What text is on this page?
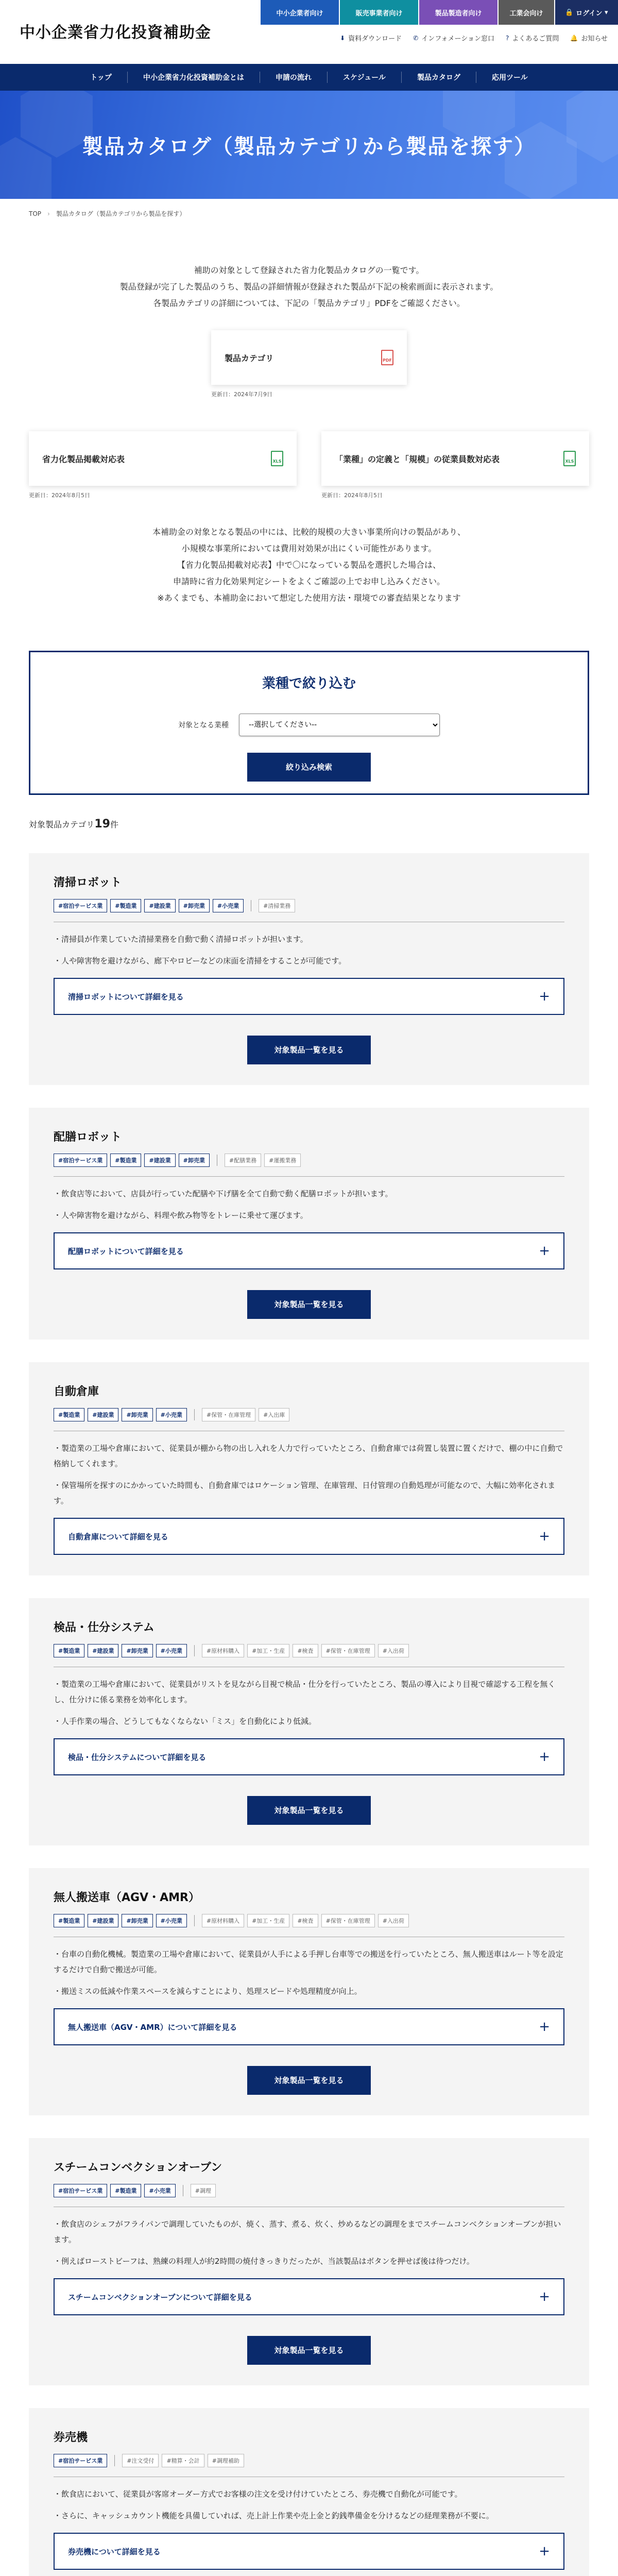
中小企業省力化投資補助金
中小企業者向け	販売事業者向け	製品製造者向け	工業会向け	🔒 ログイン ▾
⬇ 資料ダウンロード ✆ インフォメーション窓口 ? よくあるご質問 🔔 お知らせ
トップ	中小企業省力化投資補助金とは	申請の流れ	スケジュール	製品カタログ	応用ツール
製品カタログ（製品カテゴリから製品を探す）
TOP › 製品カタログ（製品カテゴリから製品を探す）
補助の対象として登録された省力化製品カタログの一覧です。
製品登録が完了した製品のうち、製品の詳細情報が登録された製品が下記の検索画面に表示されます。
各製品カテゴリの詳細については、下記の「製品カテゴリ」PDFをご確認ください。
製品カテゴリ	PDF
更新日：2024年7月9日
省力化製品掲載対応表	XLS
更新日：2024年8月5日
「業種」の定義と「規模」の従業員数対応表	XLS
更新日：2024年8月5日
本補助金の対象となる製品の中には、比較的規模の大きい事業所向けの製品があり、
小規模な事業所においては費用対効果が出にくい可能性があります。
【省力化製品掲載対応表】中で〇になっている製品を選択した場合は、
申請時に省力化効果判定シートをよくご確認の上でお申し込みください。
※あくまでも、本補助金において想定した使用方法・環境での審査結果となります
業種で絞り込む
対象となる業種
--選択してください--
絞り込み検索
対象製品カテゴリ19件
清掃ロボット
#宿泊サービス業	#製造業	#建設業	#卸売業	#小売業	#清掃業務

・清掃員が作業していた清掃業務を自動で動く清掃ロボットが担います。

・人や障害物を避けながら、廊下やロビーなどの床面を清掃をすることが可能です。

清掃ロボットについて詳細を見る	+
対象製品一覧を見る
配膳ロボット
#宿泊サービス業	#製造業	#建設業	#卸売業	#配膳業務	#運搬業務

・飲食店等において、店員が行っていた配膳や下げ膳を全て自動で動く配膳ロボットが担います。

・人や障害物を避けながら、料理や飲み物等をトレーに乗せて運びます。

配膳ロボットについて詳細を見る	+
対象製品一覧を見る
自動倉庫
#製造業	#建設業	#卸売業	#小売業	#保管・在庫管理	#入出庫

・製造業の工場や倉庫において、従業員が棚から物の出し入れを人力で行っていたところ、自動倉庫では荷置し装置に置くだけで、棚の中に自動で格納してくれます。

・保管場所を探すのにかかっていた時間も、自動倉庫ではロケーション管理、在庫管理、日付管理の自動処理が可能なので、大幅に効率化されます。

自動倉庫について詳細を見る	+
検品・仕分システム
#製造業	#建設業	#卸売業	#小売業	#原材料購入	#加工・生産	#検査	#保管・在庫管理	#入出荷

・製造業の工場や倉庫において、従業員がリストを見ながら目視で検品・仕分を行っていたところ、製品の導入により目視で確認する工程を無くし、仕分けに係る業務を効率化します。

・人手作業の場合、どうしてもなくならない「ミス」を自動化により低減。

検品・仕分システムについて詳細を見る	+
対象製品一覧を見る
無人搬送車（AGV・AMR）
#製造業	#建設業	#卸売業	#小売業	#原材料購入	#加工・生産	#検査	#保管・在庫管理	#入出荷

・台車の自動化機械。製造業の工場や倉庫において、従業員が人手による手押し台車等での搬送を行っていたところ、無人搬送車はルート等を設定するだけで自動で搬送が可能。

・搬送ミスの低減や作業スペースを減らすことにより、処理スピードや処理精度が向上。

無人搬送車（AGV・AMR）について詳細を見る	+
対象製品一覧を見る
スチームコンベクションオーブン
#宿泊サービス業	#製造業	#小売業	#調理

・飲食店のシェフがフライパンで調理していたものが、焼く、蒸す、煮る、炊く、炒めるなどの調理をまでスチームコンベクションオーブンが担います。

・例えばローストビーフは、熟練の料理人が約2時間の焼付きっきりだったが、当該製品はボタンを押せば後は待つだけ。

スチームコンベクションオーブンについて詳細を見る	+
対象製品一覧を見る
券売機
#宿泊サービス業	#注文受付	#精算・会計	#調理補助

・飲食店において、従業員が客席オーダー方式でお客様の注文を受け付けていたところ、券売機で自動化が可能です。

・さらに、キャッシュカウント機能を具備していれば、売上計上作業や売上金と釣銭準備金を分けるなどの経理業務が不要に。

券売機について詳細を見る	+
